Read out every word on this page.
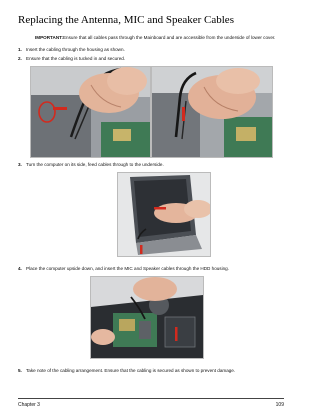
Replacing the Antenna, MIC and Speaker Cables
IMPORTANT:Ensure that all cables pass through the Mainboard and are accessible from the underside of lower cover.
1. Insert the cabling through the housing as shown.
2. Ensure that the cabling is tucked in and secured.
3. Turn the computer on its side, feed cables through to the underside.
4. Place the computer upside down, and insert the MIC and Speaker cables through the HDD housing.
5. Take note of the cabling arrangement. Ensure that the cabling is secured as shown to prevent damage.
Chapter 3	109
